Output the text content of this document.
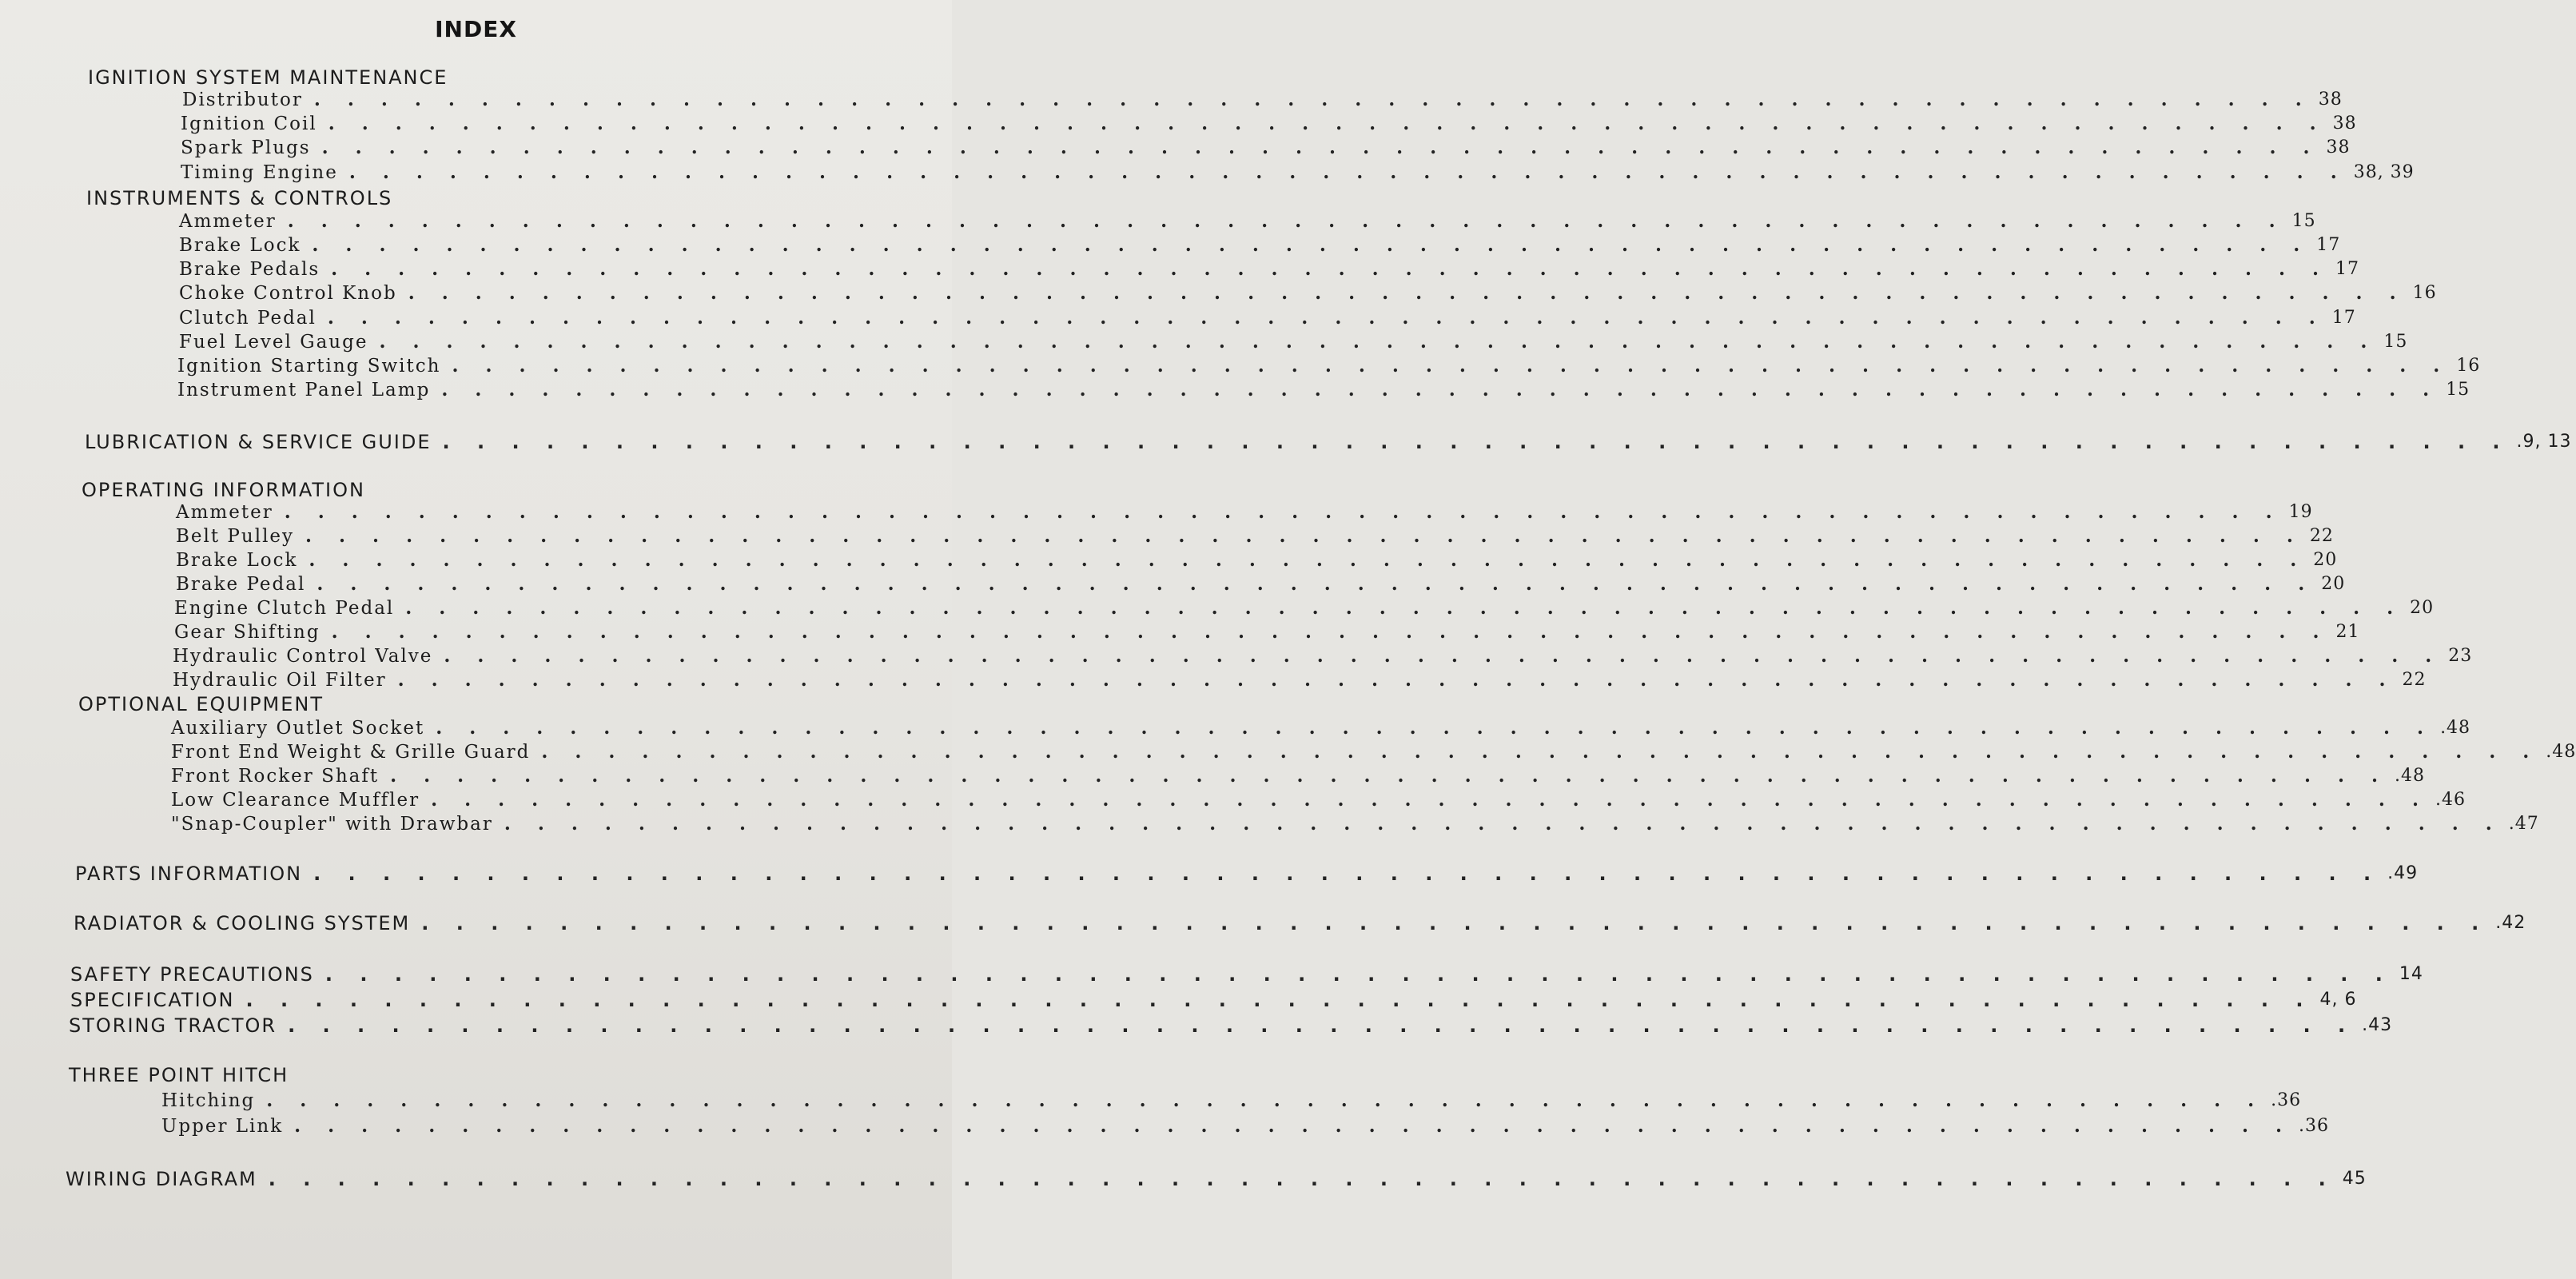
INDEX
IGNITION SYSTEM MAINTENANCE
Distributor . . . . . . . . . . . . . . . . . . . . . . . . . . . . . . . . . . . . . . . . . . . . . . . . . . . . . . . . . . . . 38
Ignition Coil . . . . . . . . . . . . . . . . . . . . . . . . . . . . . . . . . . . . . . . . . . . . . . . . . . . . . . . . . . . . 38
Spark Plugs . . . . . . . . . . . . . . . . . . . . . . . . . . . . . . . . . . . . . . . . . . . . . . . . . . . . . . . . . . . . 38
Timing Engine . . . . . . . . . . . . . . . . . . . . . . . . . . . . . . . . . . . . . . . . . . . . . . . . . . . . . . . . . . . . 38, 39
INSTRUMENTS & CONTROLS
Ammeter . . . . . . . . . . . . . . . . . . . . . . . . . . . . . . . . . . . . . . . . . . . . . . . . . . . . . . . . . . . . 15
Brake Lock . . . . . . . . . . . . . . . . . . . . . . . . . . . . . . . . . . . . . . . . . . . . . . . . . . . . . . . . . . . . 17
Brake Pedals . . . . . . . . . . . . . . . . . . . . . . . . . . . . . . . . . . . . . . . . . . . . . . . . . . . . . . . . . . . . 17
Choke Control Knob . . . . . . . . . . . . . . . . . . . . . . . . . . . . . . . . . . . . . . . . . . . . . . . . . . . . . . . . . . . . 16
Clutch Pedal . . . . . . . . . . . . . . . . . . . . . . . . . . . . . . . . . . . . . . . . . . . . . . . . . . . . . . . . . . . . 17
Fuel Level Gauge . . . . . . . . . . . . . . . . . . . . . . . . . . . . . . . . . . . . . . . . . . . . . . . . . . . . . . . . . . . . 15
Ignition Starting Switch . . . . . . . . . . . . . . . . . . . . . . . . . . . . . . . . . . . . . . . . . . . . . . . . . . . . . . . . . . . . 16
Instrument Panel Lamp . . . . . . . . . . . . . . . . . . . . . . . . . . . . . . . . . . . . . . . . . . . . . . . . . . . . . . . . . . . . 15
LUBRICATION & SERVICE GUIDE . . . . . . . . . . . . . . . . . . . . . . . . . . . . . . . . . . . . . . . . . . . . . . . . . . . . . . . . . . . . .9, 13
OPERATING INFORMATION
Ammeter . . . . . . . . . . . . . . . . . . . . . . . . . . . . . . . . . . . . . . . . . . . . . . . . . . . . . . . . . . . . 19
Belt Pulley . . . . . . . . . . . . . . . . . . . . . . . . . . . . . . . . . . . . . . . . . . . . . . . . . . . . . . . . . . . . 22
Brake Lock . . . . . . . . . . . . . . . . . . . . . . . . . . . . . . . . . . . . . . . . . . . . . . . . . . . . . . . . . . . . 20
Brake Pedal . . . . . . . . . . . . . . . . . . . . . . . . . . . . . . . . . . . . . . . . . . . . . . . . . . . . . . . . . . . . 20
Engine Clutch Pedal . . . . . . . . . . . . . . . . . . . . . . . . . . . . . . . . . . . . . . . . . . . . . . . . . . . . . . . . . . . . 20
Gear Shifting . . . . . . . . . . . . . . . . . . . . . . . . . . . . . . . . . . . . . . . . . . . . . . . . . . . . . . . . . . . . 21
Hydraulic Control Valve . . . . . . . . . . . . . . . . . . . . . . . . . . . . . . . . . . . . . . . . . . . . . . . . . . . . . . . . . . . . 23
Hydraulic Oil Filter . . . . . . . . . . . . . . . . . . . . . . . . . . . . . . . . . . . . . . . . . . . . . . . . . . . . . . . . . . . . 22
OPTIONAL EQUIPMENT
Auxiliary Outlet Socket . . . . . . . . . . . . . . . . . . . . . . . . . . . . . . . . . . . . . . . . . . . . . . . . . . . . . . . . . . . . .48
Front End Weight & Grille Guard . . . . . . . . . . . . . . . . . . . . . . . . . . . . . . . . . . . . . . . . . . . . . . . . . . . . . . . . . . . . .48
Front Rocker Shaft . . . . . . . . . . . . . . . . . . . . . . . . . . . . . . . . . . . . . . . . . . . . . . . . . . . . . . . . . . . . .48
Low Clearance Muffler . . . . . . . . . . . . . . . . . . . . . . . . . . . . . . . . . . . . . . . . . . . . . . . . . . . . . . . . . . . . .46
"Snap-Coupler" with Drawbar . . . . . . . . . . . . . . . . . . . . . . . . . . . . . . . . . . . . . . . . . . . . . . . . . . . . . . . . . . . . .47
PARTS INFORMATION . . . . . . . . . . . . . . . . . . . . . . . . . . . . . . . . . . . . . . . . . . . . . . . . . . . . . . . . . . . . .49
RADIATOR & COOLING SYSTEM . . . . . . . . . . . . . . . . . . . . . . . . . . . . . . . . . . . . . . . . . . . . . . . . . . . . . . . . . . . . .42
SAFETY PRECAUTIONS . . . . . . . . . . . . . . . . . . . . . . . . . . . . . . . . . . . . . . . . . . . . . . . . . . . . . . . . . . . . 14
SPECIFICATION . . . . . . . . . . . . . . . . . . . . . . . . . . . . . . . . . . . . . . . . . . . . . . . . . . . . . . . . . . . . 4, 6
STORING TRACTOR . . . . . . . . . . . . . . . . . . . . . . . . . . . . . . . . . . . . . . . . . . . . . . . . . . . . . . . . . . . . .43
THREE POINT HITCH
Hitching . . . . . . . . . . . . . . . . . . . . . . . . . . . . . . . . . . . . . . . . . . . . . . . . . . . . . . . . . . . . .36
Upper Link . . . . . . . . . . . . . . . . . . . . . . . . . . . . . . . . . . . . . . . . . . . . . . . . . . . . . . . . . . . . .36
WIRING DIAGRAM . . . . . . . . . . . . . . . . . . . . . . . . . . . . . . . . . . . . . . . . . . . . . . . . . . . . . . . . . . . . 45
